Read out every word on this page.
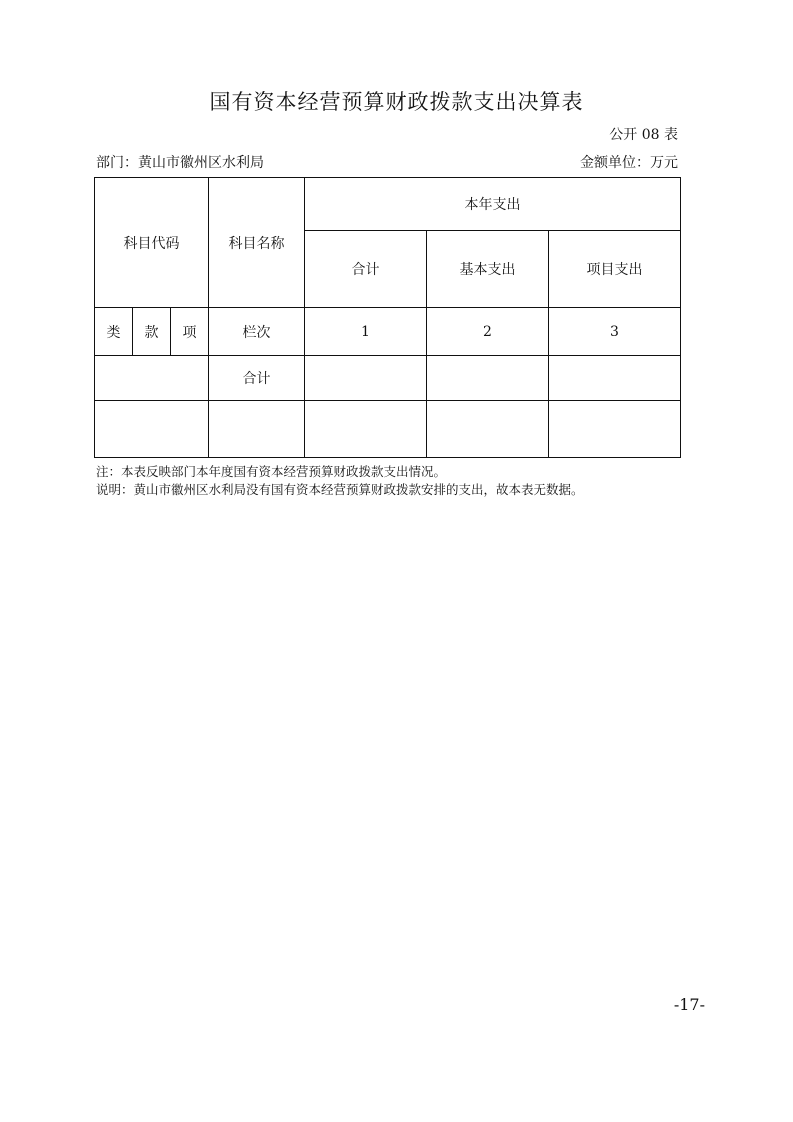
国有资本经营预算财政拨款支出决算表
公开 08 表
部门：黄山市徽州区水利局	金额单位：万元
科目代码			科目名称	本年支出		
				合计	基本支出	项目支出
类	款	项	栏次	1	2	3
			合计			

注：本表反映部门本年度国有资本经营预算财政拨款支出情况。
说明：黄山市徽州区水利局没有国有资本经营预算财政拨款安排的支出，故本表无数据。
-17-
